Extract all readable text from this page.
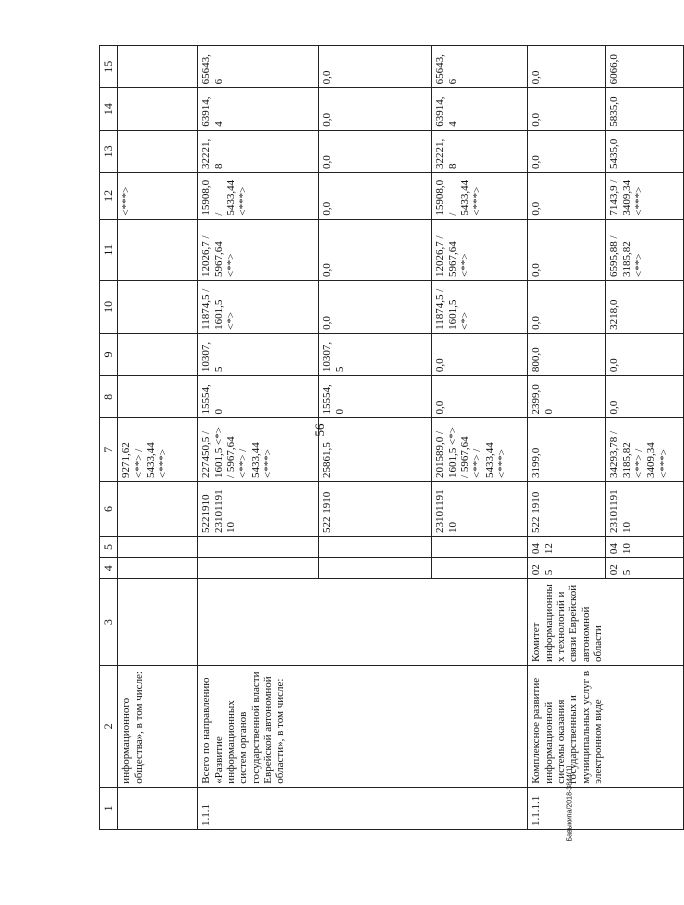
56
Бавыкипа/2018-3844(1)
1	2	3	4	5	6	7	8	9	10	11	12	13	14	15
	информационного общества», в том числе:					9271,62 <**> / 5433,44 <***>					<***>			
1.1.1	Всего по направлению «Развитие информационных систем органов государственной власти Еврейской автономной области», в том числе:				5221910 2310119110	227450,5 / 1601,5 <*> / 5967,64 <**> / 5433,44 <***>	15554,0	10307,5	11874,5 / 1601,5 <*>	12026,7 / 5967,64 <**>	15908,0 / 5433,44 <***>	32221,8	63914,4	65643,6
					522 1910	25861,5	15554,0	10307,5	0,0	0,0	0,0	0,0	0,0	0,0
					2310119110	201589,0 / 1601,5 <*> / 5967,64 <**> / 5433,44 <***>	0,0	0,0	11874,5 / 1601,5 <*>	12026,7 / 5967,64 <**>	15908,0 / 5433,44 <***>	32221,8	63914,4	65643,6
1.1.1.1	Комплексное развитие информационной системы оказания государственных и муниципальных услуг в электронном виде	Комитет информационных технологий и связи Еврейской автономной области	025	0412	522 1910	3199,0	2399,00	800,0	0,0	0,0	0,0	0,0	0,0	0,0
			025	0410	2310119110	34293,78 / 3185,82 <**> / 3409,34 <***>	0,0	0,0	3218,0	6595,88 / 3185,82 <**>	7143,9 / 3409,34 <***>	5435,0	5835,0	6066,0
